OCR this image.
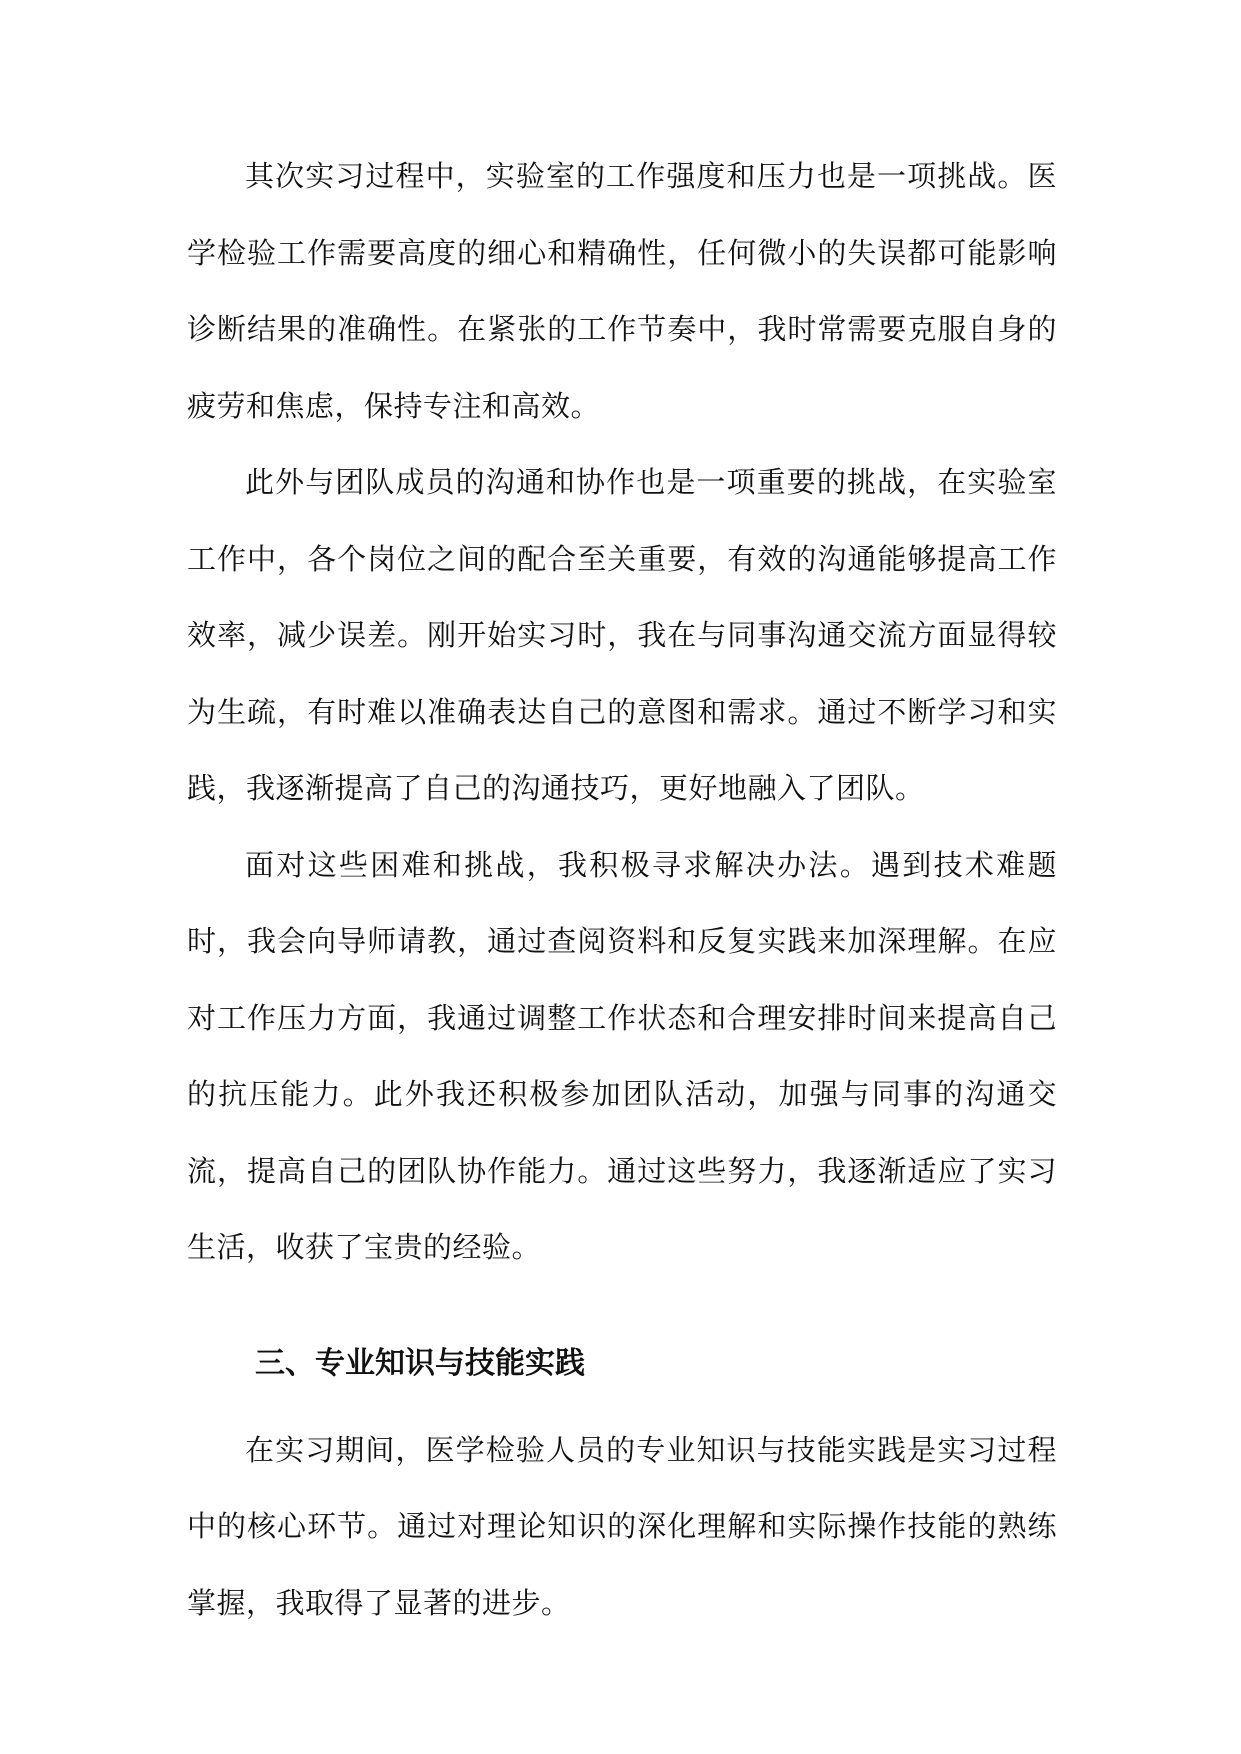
其次实习过程中，实验室的工作强度和压力也是一项挑战。医学检验工作需要高度的细心和精确性，任何微小的失误都可能影响诊断结果的准确性。在紧张的工作节奏中，我时常需要克服自身的疲劳和焦虑，保持专注和高效。

此外与团队成员的沟通和协作也是一项重要的挑战，在实验室工作中，各个岗位之间的配合至关重要，有效的沟通能够提高工作效率，减少误差。刚开始实习时，我在与同事沟通交流方面显得较为生疏，有时难以准确表达自己的意图和需求。通过不断学习和实践，我逐渐提高了自己的沟通技巧，更好地融入了团队。

面对这些困难和挑战，我积极寻求解决办法。遇到技术难题时，我会向导师请教，通过查阅资料和反复实践来加深理解。在应对工作压力方面，我通过调整工作状态和合理安排时间来提高自己的抗压能力。此外我还积极参加团队活动，加强与同事的沟通交流，提高自己的团队协作能力。通过这些努力，我逐渐适应了实习生活，收获了宝贵的经验。

三、专业知识与技能实践

在实习期间，医学检验人员的专业知识与技能实践是实习过程中的核心环节。通过对理论知识的深化理解和实际操作技能的熟练掌握，我取得了显著的进步。
